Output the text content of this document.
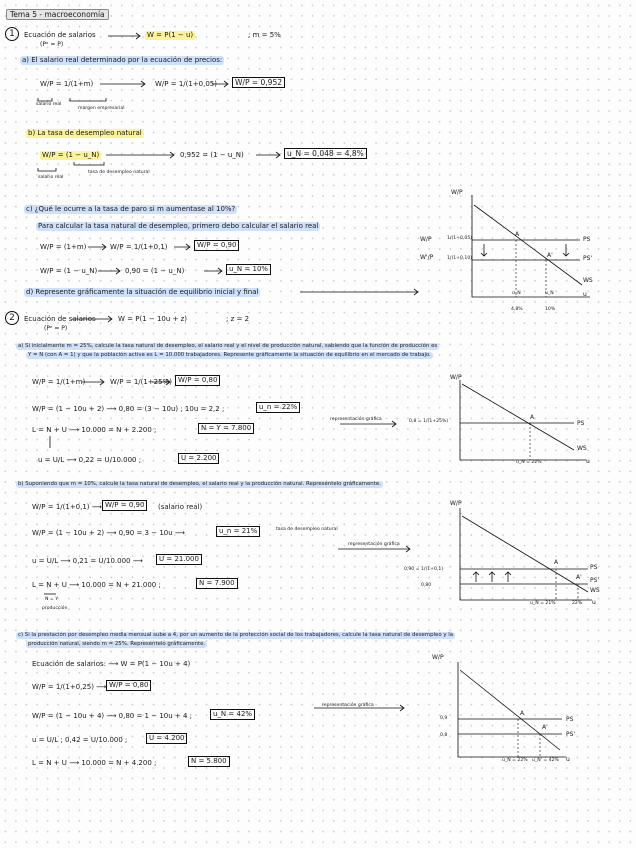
Tema 5 - macroeconomía
1	Ecuación de salarios
(Pᵉ = P)
W = P(1 − u)	; m = 5%
a) El salario real determinado por la ecuación de precios:
W/P = 1/(1+m)	W/P = 1/(1+0,05)	W/P = 0,952
salario real
margen empresarial
b) La tasa de desempleo natural
W/P = (1 − u_N)	0,952 = (1 − u_N)	u_N = 0,048 = 4,8%
salario real
tasa de desempleo natural
c) ¿Qué le ocurre a la tasa de paro si m aumentase al 10%?
Para calcular la tasa natural de desempleo, primero debo calcular el salario real
W/P = (1+m)	W/P = 1/(1+0,1)	W/P = 0,90
W/P = (1 − u_N)	0,90 = (1 − u_N)	u_N = 10%
d) Represente gráficamente la situación de equilibrio inicial y final
W/P
W/P
W'/P
1/(1+0,05)
1/(1+0,10)
PS
PS'
WS
A
A'
u_N	u_N
4,8%	10%
u
2	Ecuación de salarios
(Pᵉ = P)
W = P(1 − 10u + z)	; z = 2
a) Si inicialmente m = 25%, calcule la tasa natural de desempleo, el salario real y el nivel de producción natural, sabiendo que la función de producción es
Y = N (con A = 1) y que la población activa es L = 10.000 trabajadores. Represente gráficamente la situación de equilibrio en el mercado de trabajo.
W/P = 1/(1+m)	W/P = 1/(1+25%) W/P = 0,80
W/P = (1 − 10u + 2) ⟶ 0,80 = (3 − 10u) ; 10u = 2,2 ;	u_n = 22%
L = N + U ⟶ 10.000 = N + 2.200 ;	N = Y = 7.800
u = U/L ⟶ 0,22 = U/10.000 ;	U = 2.200
representación gráfica
W/P
0,8 = 1/(1+25%)	PS
WS
A
u_N = 22%	u
b) Suponiendo que m = 10%, calcule la tasa natural de desempleo, el salario real y la producción natural. Represéntelo gráficamente.
W/P = 1/(1+0,1) ⟶ W/P = 0,90	(salario real)
W/P = (1 − 10u + 2) ⟶ 0,90 = 3 − 10u ⟶	u_n = 21%	tasa de desempleo natural
u = U/L ⟶ 0,21 = U/10.000 ⟶	U = 21.000
L = N + U ⟶ 10.000 = N + 21.000 ;	N = 7.900
N = Y
producción
representación gráfica
W/P
0,90 = 1/(1+0,1)
0,80
PS
PS'
WS
A
A'
u_N = 21%	22% u
c) Si la prestación por desempleo media mensual sube a 4, por un aumento de la protección social de los trabajadores, calcule la tasa natural de desempleo y la
producción natural, siendo m = 25%. Represéntelo gráficamente.
Ecuación de salarios: ⟶ W = P(1 − 10u + 4)
W/P = 1/(1+0,25) ⟶ W/P = 0,80
W/P = (1 − 10u + 4) ⟶ 0,80 = 1 − 10u + 4 ;	u_N = 42%
u = U/L ; 0,42 = U/10.000 ;	U = 4.200
L = N + U ⟶ 10.000 = N + 4.200 ;	N = 5.800
representación gráfica
W/P
0,9
0,8
PS
PS'
A
A'
u_N = 22% u_N' = 42% u
